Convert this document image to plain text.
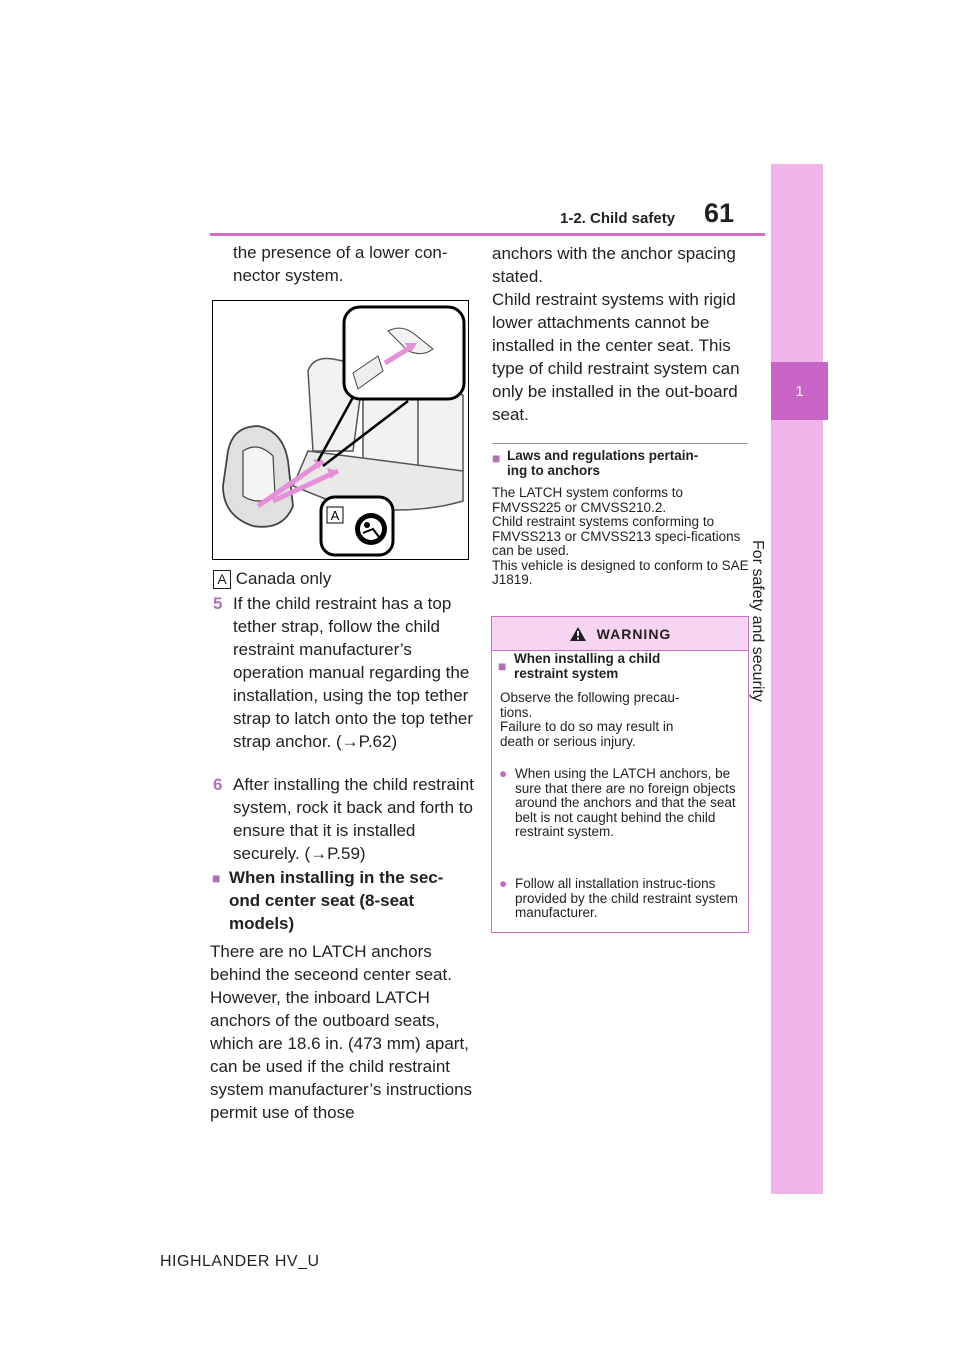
1-2. Child safety 61
1
For safety and security
the presence of a lower con-
nector system.
A
A Canada only
5 If the child restraint has a top tether strap, follow the child restraint manufacturer’s operation manual regarding the installation, using the top tether strap to latch onto the top tether strap anchor. (→P.62)
6 After installing the child restraint system, rock it back and forth to ensure that it is installed securely. (→P.59)
■ When installing in the sec-
ond center seat (8-seat
models)
There are no LATCH anchors behind the seceond center seat. However, the inboard LATCH anchors of the outboard seats, which are 18.6 in. (473 mm) apart, can be used if the child restraint system manufacturer’s instructions permit use of those
anchors with the anchor spacing stated.
Child restraint systems with rigid lower attachments cannot be installed in the center seat. This type of child restraint system can only be installed in the out-board seat.
■ Laws and regulations pertain-
ing to anchors
The LATCH system conforms to FMVSS225 or CMVSS210.2.
Child restraint systems conforming to FMVSS213 or CMVSS213 speci-fications can be used.
This vehicle is designed to conform to SAE J1819.
WARNING
■ When installing a child
restraint system
Observe the following precau-
tions.
Failure to do so may result in
death or serious injury.
● When using the LATCH anchors, be sure that there are no foreign objects around the anchors and that the seat belt is not caught behind the child restraint system.
● Follow all installation instruc-tions provided by the child restraint system manufacturer.
HIGHLANDER HV_U
